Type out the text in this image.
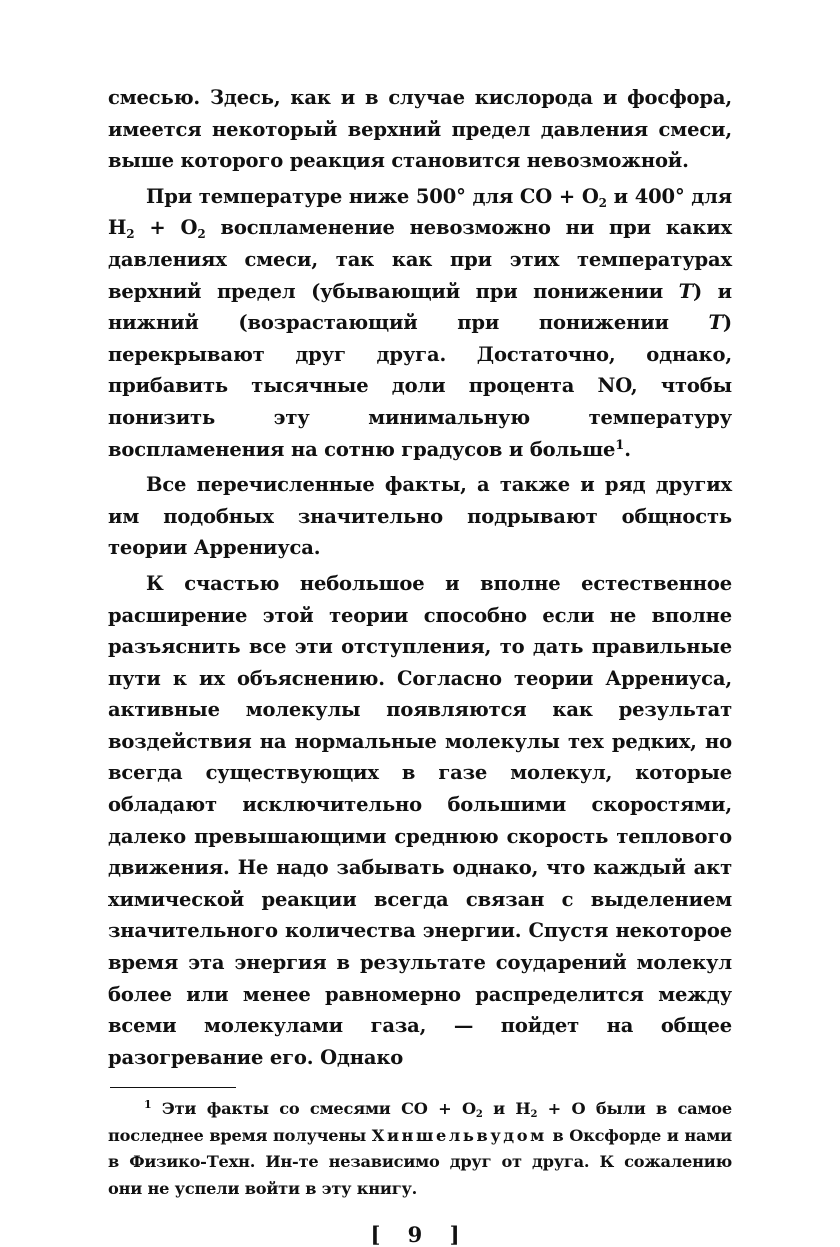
смесью. Здесь, как и в случае кислорода и фосфора, имеется некоторый верхний предел давления смеси, выше которого реакция становится невозможной.

При температуре ниже 500° для CO + $O_2$ и 400° для $H_2 + O_2$ воспламенение невозможно ни при каких давлениях смеси, так как при этих температурах верхний предел (убывающий при понижении T) и нижний (возрастающий при понижении T) перекрывают друг друга. Достаточно, однако, прибавить тысячные доли процента NO, чтобы понизить эту минимальную температуру воспламенения на сотню градусов и больше$^1$.

Все перечисленные факты, а также и ряд других им подобных значительно подрывают общность теории Аррениуса.

К счастью небольшое и вполне естественное расширение этой теории способно если не вполне разъяснить все эти отступления, то дать правильные пути к их объяснению. Согласно теории Аррениуса, активные молекулы появляются как результат воздействия на нормальные молекулы тех редких, но всегда существующих в газе молекул, которые обладают исключительно большими скоростями, далеко превышающими среднюю скорость теплового движения. Не надо забывать однако, что каждый акт химической реакции всегда связан с выделением значительного количества энергии. Спустя некоторое время эта энергия в результате соударений молекул более или менее равномерно распределится между всеми молекулами газа, — пойдет на общее разогревание его. Однако

$^1$ Эти факты со смесями CO + $O_2$ и $H_2 + O$ были в самое последнее время получены Хиншельвудом в Оксфорде и нами в Физико-Техн. Ин-те независимо друг от друга. К сожалению они не успели войти в эту книгу.

[ 9 ]
